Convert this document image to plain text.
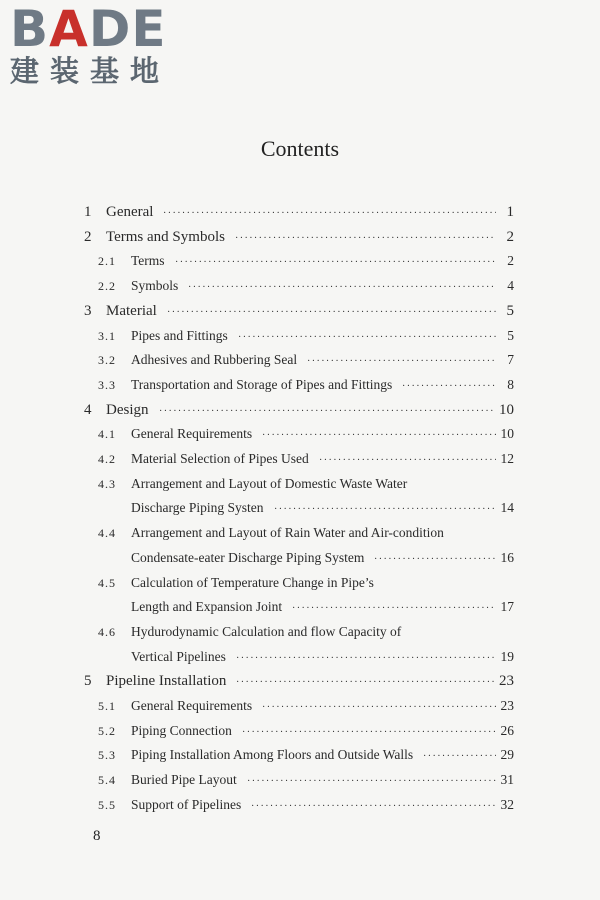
BADE
建装基地
Contents
1 General ·····	1
2 Terms and Symbols ·····	2
2.1 Terms ·····	2
2.2 Symbols ·····	4
3 Material ·····	5
3.1 Pipes and Fittings ·····	5
3.2 Adhesives and Rubbering Seal ·····	7
3.3 Transportation and Storage of Pipes and Fittings ·····	8
4 Design ·····	10
4.1 General Requirements ·····	10
4.2 Material Selection of Pipes Used ·····	12
4.3 Arrangement and Layout of Domestic Waste Water
Discharge Piping Systen ·····	14
4.4 Arrangement and Layout of Rain Water and Air-condition
Condensate-eater Discharge Piping System ·····	16
4.5 Calculation of Temperature Change in Pipe’s
Length and Expansion Joint ·····	17
4.6 Hydurodynamic Calculation and flow Capacity of
Vertical Pipelines ·····	19
5 Pipeline Installation ·····	23
5.1 General Requirements ·····	23
5.2 Piping Connection ·····	26
5.3 Piping Installation Among Floors and Outside Walls ·····	29
5.4 Buried Pipe Layout ·····	31
5.5 Support of Pipelines ·····	32
8
